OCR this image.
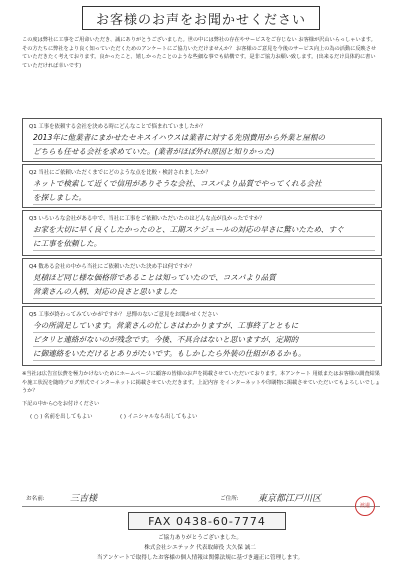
お客様のお声をお聞かせください
この度は弊社に工事をご用命いただき、誠にありがとうございました。世の中には弊社の存在やサービスをご存じない お客様が沢山いらっしゃいます。その方たちに弊社をより良く知っていただくためのアンケートにご協力いただけませんか？ お客様のご意見を今後のサービス向上の為の活動に反映させていただきたく考えております。良かったこと、嬉しかったことのような些細な事でも結構です。是非ご協力お願い致します。(出来るだけ具体的に書いていただければ幸いです)
Q1 工事を依頼する会社を決める時にどんなことで悩まれていましたか？
2013年に他業者にまかせたセキスイハウスは業者に対する先別費用から外業と屋根の
どちらも任せる会社を求めていた。(業者がほぼ外れ原因と知りかった)
Q2 当社にご依頼いただくまでにどのような点を比較・検討されましたか？
ネットで検索して近くで信用がありそうな会社、コスパより品質でやってくれる会社
を探しました。
Q3 いろいろな会社がある中で、当社に工事をご依頼いただいたのはどんな点が良かったですか？
お家を大切に早く良くしたかったのと、工期スケジュールの対応の早さに驚いたため、すぐ
に工事を依頼した。
Q4 数ある会社の中から当社にご依頼いただいた決め手は何ですか？
見積ほど同じ様な価格帯であることは知っていたので、コスパより品質
営業さんの人柄、対応の良さと思いました
Q5 工事が終わってみていかがですか？ 忌憚のないご意見をお聞かせください
今の所満足しています。営業さんの忙しさはわかりますが、工事終了とともに
ピタリと連絡がないのが残念です。今後、不具合はないと思いますが、定期的
に御連絡をいただけるとありがたいです。もしかしたら外装の仕組があるかも。
※当社は広告宣伝費を極力かけないためにホームページに顧客の皆様のお声を掲載させていただいております。本アンケート 用紙またはお客様の調査結果や施工状況を随時ブログ形式でインターネットに掲載させていただきます。上記内容 をインターネットや印刷物に掲載させていただいてもよろしいでしょうか？
下記の中から○をお付けください
( ○ ) 名前を出してもよい	( ) イニシャルなら出してもよい
お名前:	三吉様	ご住所: 東京都江戸川区
渡邊
FAX 0438-60-7774
ご協力ありがとうございました。
株式会社シエテック 代表取締役 大久保 誠二
当アンケートで取得したお客様の個人情報は関係法規に基づき適正に管理します。
